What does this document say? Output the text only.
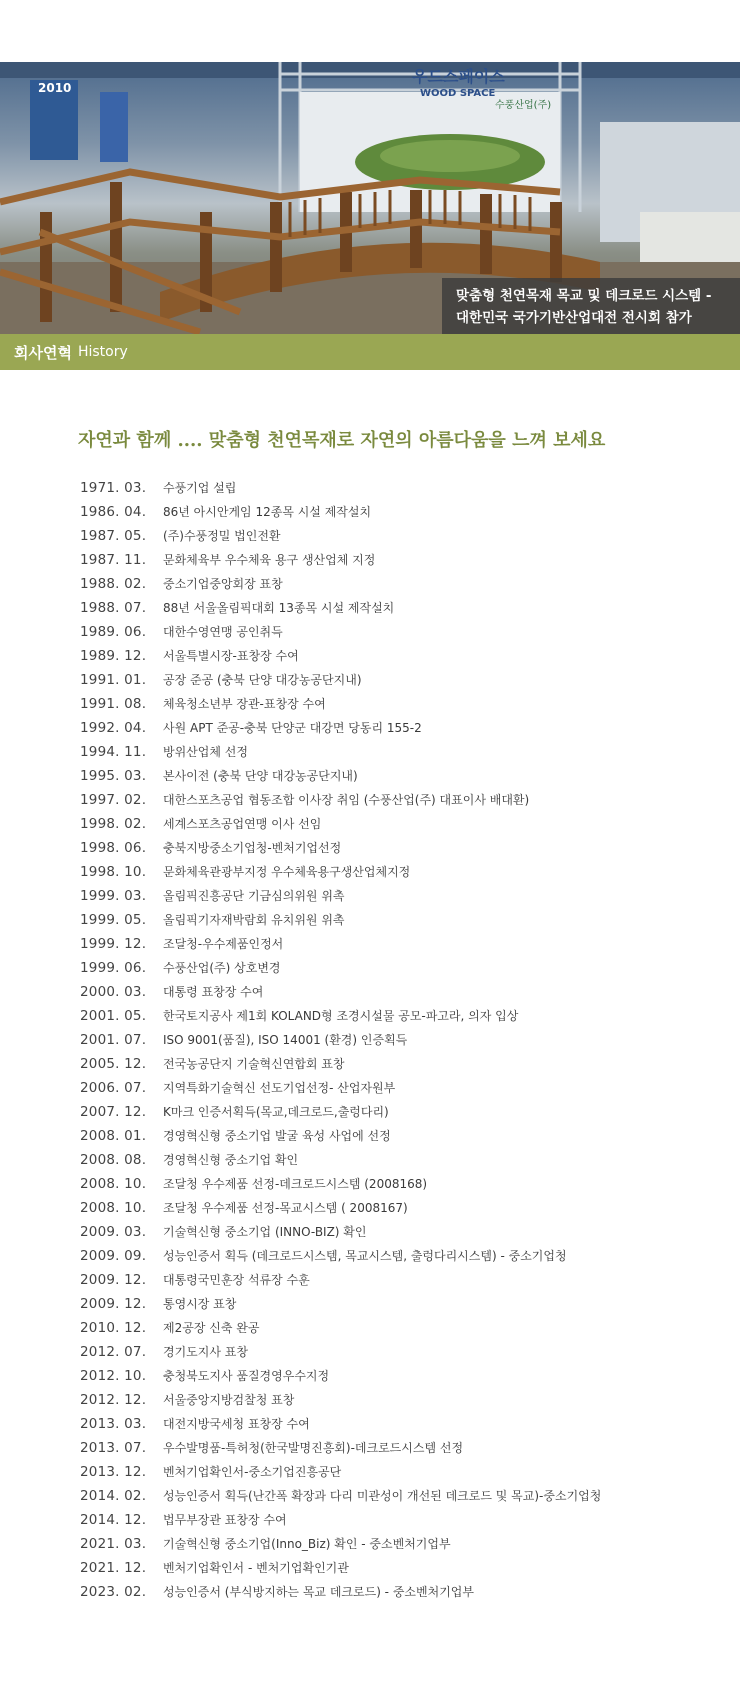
우드스페이스
WOOD SPACE
수풍산업(주)
2010
맞춤형 천연목재 목교 및 데크로드 시스템 -
대한민국 국가기반산업대전 전시회 참가
회사연혁 History
자연과 함께 .... 맞춤형 천연목재로 자연의 아름다움을 느껴 보세요
1971. 03.	수풍기업 설립
1986. 04.	86년 아시안게임 12종목 시설 제작설치
1987. 05.	(주)수풍정밀 법인전환
1987. 11.	문화체육부 우수체육 용구 생산업체 지정
1988. 02.	중소기업중앙회장 표창
1988. 07.	88년 서울올림픽대회 13종목 시설 제작설치
1989. 06.	대한수영연맹 공인취득
1989. 12.	서울특별시장-표창장 수여
1991. 01.	공장 준공 (충북 단양 대강농공단지내)
1991. 08.	체육청소년부 장관-표창장 수여
1992. 04.	사원 APT 준공-충북 단양군 대강면 당동리 155-2
1994. 11.	방위산업체 선정
1995. 03.	본사이전 (충북 단양 대강농공단지내)
1997. 02.	대한스포츠공업 협동조합 이사장 취임 (수풍산업(주) 대표이사 배대환)
1998. 02.	세계스포츠공업연맹 이사 선임
1998. 06.	충북지방중소기업청-벤처기업선정
1998. 10.	문화체육관광부지정 우수체육용구생산업체지정
1999. 03.	올림픽진흥공단 기금심의위원 위촉
1999. 05.	올림픽기자재박람회 유치위원 위촉
1999. 12.	조달청-우수제품인정서
1999. 06.	수풍산업(주) 상호변경
2000. 03.	대통령 표창장 수여
2001. 05.	한국토지공사 제1회 KOLAND형 조경시설물 공모-파고라, 의자 입상
2001. 07.	ISO 9001(품질), ISO 14001 (환경) 인증획득
2005. 12.	전국농공단지 기술혁신연합회 표창
2006. 07.	지역특화기술혁신 선도기업선정- 산업자원부
2007. 12.	K마크 인증서획득(목교,데크로드,출렁다리)
2008. 01.	경영혁신형 중소기업 발굴 육성 사업에 선정
2008. 08.	경영혁신형 중소기업 확인
2008. 10.	조달청 우수제품 선정-데크로드시스템 (2008168)
2008. 10.	조달청 우수제품 선정-목교시스템 ( 2008167)
2009. 03.	기술혁신형 중소기업 (INNO-BIZ) 확인
2009. 09.	성능인증서 획득 (데크로드시스템, 목교시스템, 출렁다리시스템) - 중소기업청
2009. 12.	대통령국민훈장 석류장 수훈
2009. 12.	통영시장 표창
2010. 12.	제2공장 신축 완공
2012. 07.	경기도지사 표창
2012. 10.	충청북도지사 품질경영우수지정
2012. 12.	서울중앙지방검찰청 표창
2013. 03.	대전지방국세청 표창장 수여
2013. 07.	우수발명품-특허청(한국발명진흥회)-데크로드시스템 선정
2013. 12.	벤처기업확인서-중소기업진흥공단
2014. 02.	성능인증서 획득(난간폭 확장과 다리 미관성이 개선된 데크로드 및 목교)-중소기업청
2014. 12.	법무부장관 표창장 수여
2021. 03.	기술혁신형 중소기업(Inno_Biz) 확인 - 중소벤처기업부
2021. 12.	벤처기업확인서 - 벤처기업확인기관
2023. 02.	성능인증서 (부식방지하는 목교 데크로드) - 중소벤처기업부
